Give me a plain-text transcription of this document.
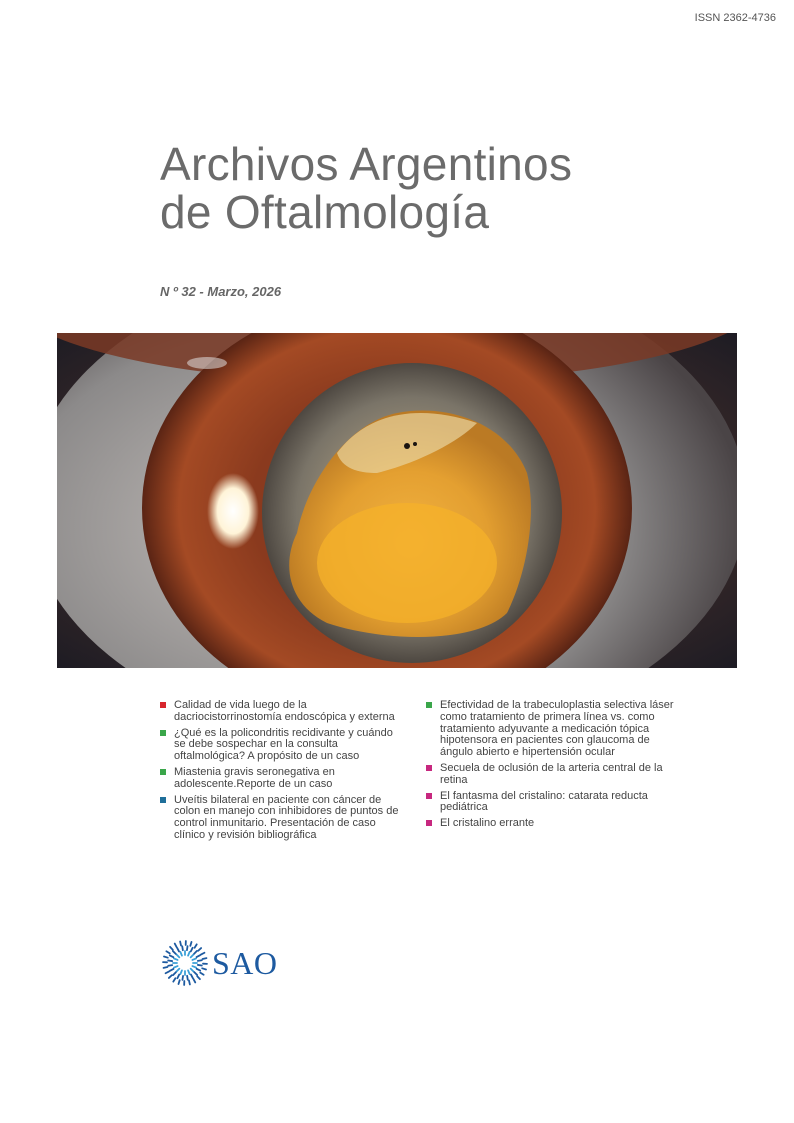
ISSN 2362-4736
Archivos Argentinos
de Oftalmología
N º 32 - Marzo, 2026
Calidad de vida luego de la dacriocistorrinostomía endoscópica y externa
¿Qué es la policondritis recidivante y cuándo se debe sospechar en la consulta oftalmológica? A propósito de un caso
Miastenia gravis seronegativa en adolescente.Reporte de un caso
Uveítis bilateral en paciente con cáncer de colon en manejo con inhibidores de puntos de control inmunitario. Presentación de caso clínico y revisión bibliográfica
Efectividad de la trabeculoplastia selectiva láser como tratamiento de primera línea vs. como tratamiento adyuvante a medicación tópica hipotensora en pacientes con glaucoma de ángulo abierto e hipertensión ocular
Secuela de oclusión de la arteria central de la retina
El fantasma del cristalino: catarata reducta pediátrica
El cristalino errante
SAO
